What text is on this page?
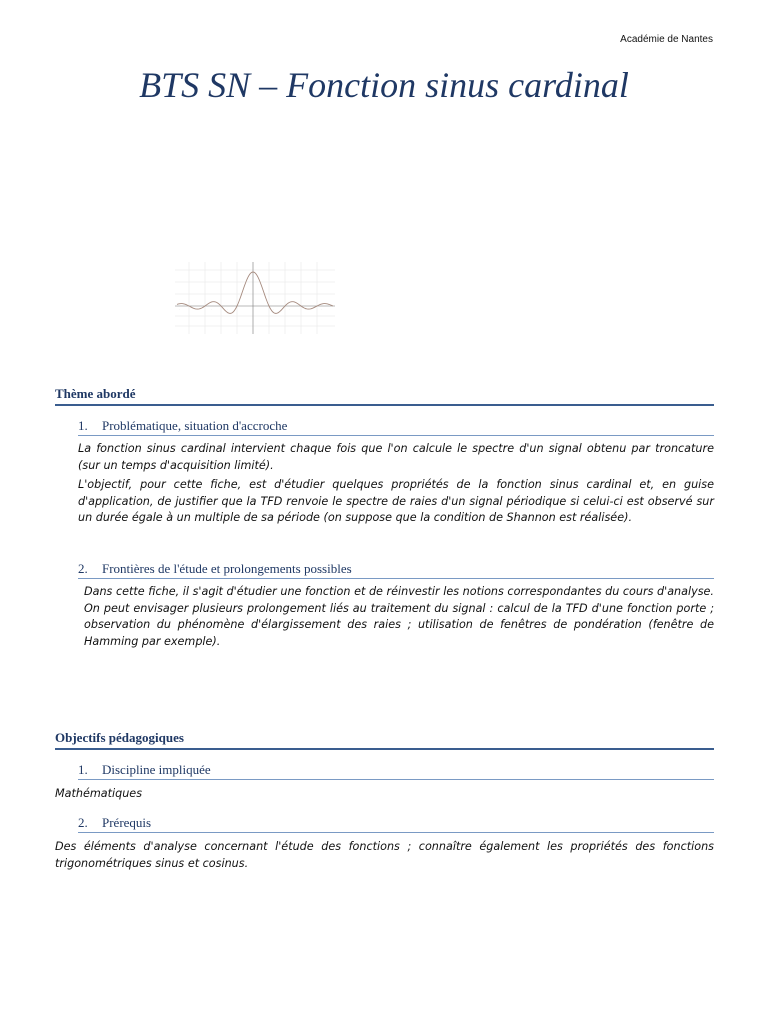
Académie de Nantes
BTS SN – Fonction sinus cardinal
·	·	·	·	·	·	·	·
Thème abordé
1. Problématique, situation d'accroche

La fonction sinus cardinal intervient chaque fois que l'on calcule le spectre d'un signal obtenu par troncature (sur un temps d'acquisition limité).

L'objectif, pour cette fiche, est d'étudier quelques propriétés de la fonction sinus cardinal et, en guise d'application, de justifier que la TFD renvoie le spectre de raies d'un signal périodique si celui-ci est observé sur un durée égale à un multiple de sa période (on suppose que la condition de Shannon est réalisée).

2. Frontières de l'étude et prolongements possibles

Dans cette fiche, il s'agit d'étudier une fonction et de réinvestir les notions correspondantes du cours d'analyse. On peut envisager plusieurs prolongement liés au traitement du signal : calcul de la TFD d'une fonction porte ; observation du phénomène d'élargissement des raies ; utilisation de fenêtres de pondération (fenêtre de Hamming par exemple).

Objectifs pédagogiques
1. Discipline impliquée

Mathématiques

2. Prérequis

Des éléments d'analyse concernant l'étude des fonctions ; connaître également les propriétés des fonctions trigonométriques sinus et cosinus.
